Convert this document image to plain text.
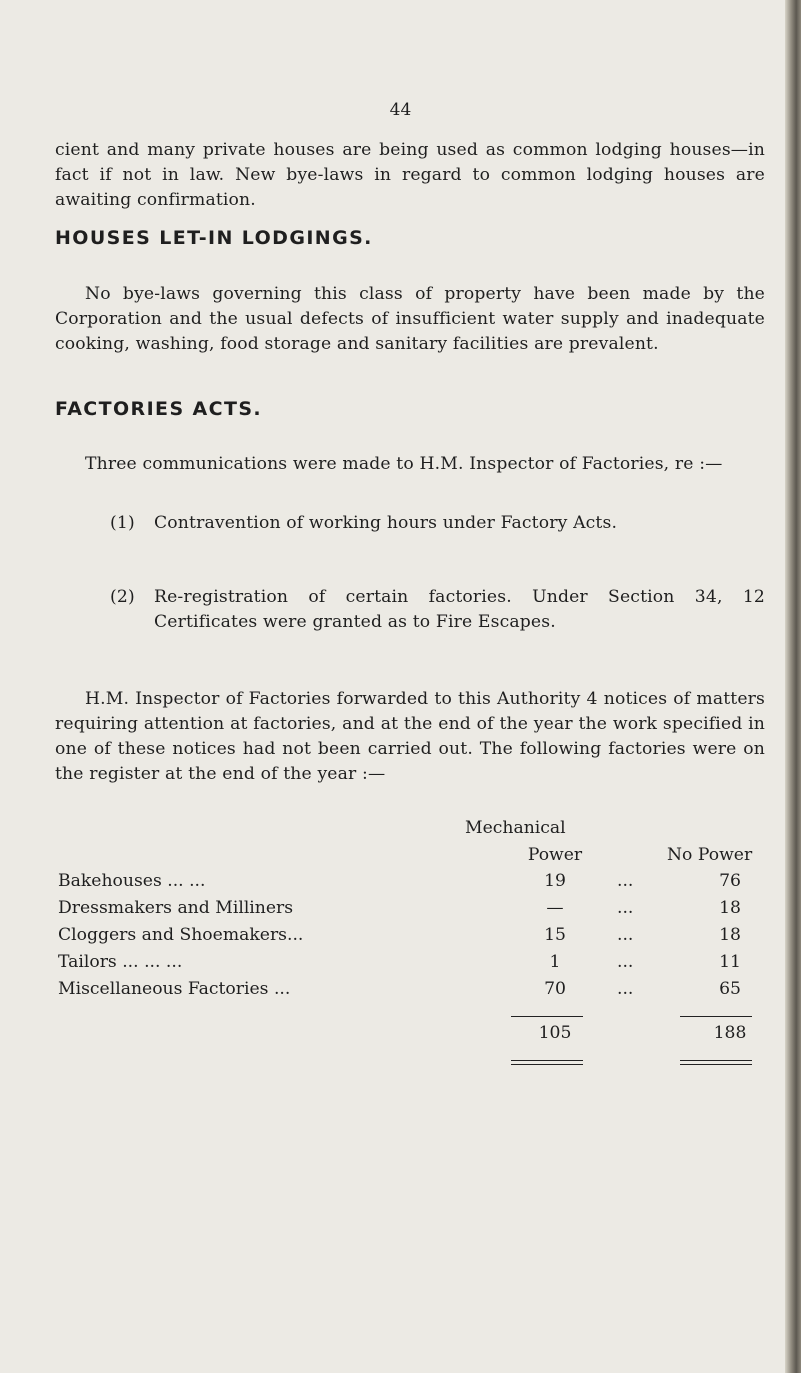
44
cient and many private houses are being used as common lodging houses—in fact if not in law. New bye-laws in regard to common lodging houses are awaiting confirmation.
HOUSES LET-IN LODGINGS.
No bye-laws governing this class of property have been made by the Corporation and the usual defects of insufficient water supply and inadequate cooking, washing, food storage and sanitary facilities are prevalent.
FACTORIES ACTS.
Three communications were made to H.M. Inspector of Factories, re :—
(1)	Contravention of working hours under Factory Acts.
(2)	Re-registration of certain factories. Under Section 34, 12 Certificates were granted as to Fire Escapes.
H.M. Inspector of Factories forwarded to this Authority 4 notices of matters requiring attention at factories, and at the end of the year the work specified in one of these notices had not been carried out. The following factories were on the register at the end of the year :—
Mechanical
Power	No Power
Bakehouses ... ...	19	...	76
Dressmakers and Milliners	—	...	18
Cloggers and Shoemakers...	15	...	18
Tailors ... ... ...	1	...	11
Miscellaneous Factories ...	70	...	65
105	188
